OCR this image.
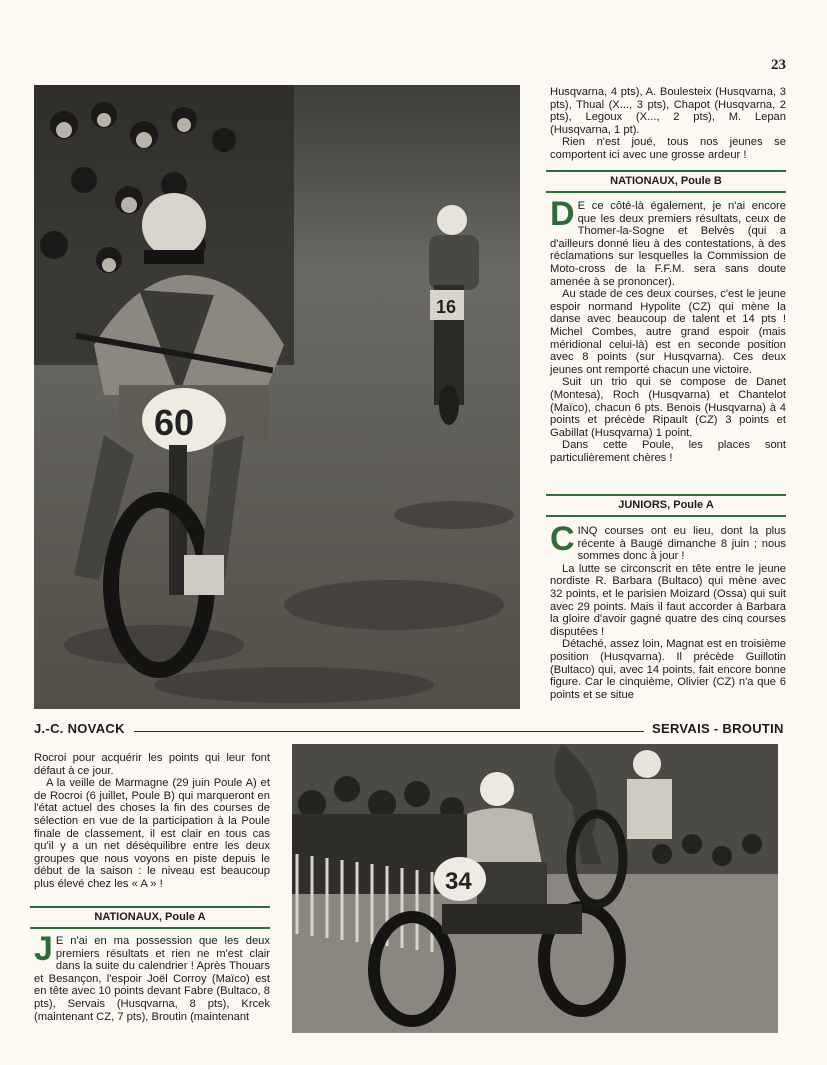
23
16
60

Husqvarna, 4 pts), A. Boulesteix (Husqvarna, 3 pts), Thual (X..., 3 pts), Chapot (Husqvarna, 2 pts), Legoux (X..., 2 pts), M. Lepan (Husqvarna, 1 pt).

Rien n'est joué, tous nos jeunes se comportent ici avec une grosse ardeur !

NATIONAUX, Poule B

D E ce côté-là également, je n'ai encore que les deux premiers résultats, ceux de Thomer-la-Sogne et Belvès (qui a d'ailleurs donné lieu à des contestations, à des réclamations sur lesquelles la Commission de Moto-cross de la F.F.M. sera sans doute amenée à se prononcer).

Au stade de ces deux courses, c'est le jeune espoir normand Hypolite (CZ) qui mène la danse avec beaucoup de talent et 14 pts ! Michel Combes, autre grand espoir (mais méridional celui-là) est en seconde position avec 8 points (sur Husqvarna). Ces deux jeunes ont remporté chacun une victoire.

Suit un trio qui se compose de Danet (Montesa), Roch (Husqvarna) et Chantelot (Maïco), chacun 6 pts. Benois (Husqvarna) à 4 points et précède Ripault (CZ) 3 points et Gabillat (Husqvarna) 1 point.

Dans cette Poule, les places sont particulièrement chères !

JUNIORS, Poule A

CINQ courses ont eu lieu, dont la plus récente à Baugé dimanche 8 juin ; nous sommes donc à jour !

La lutte se circonscrit en tête entre le jeune nordiste R. Barbara (Bultaco) qui mène avec 32 points, et le parisien Moizard (Ossa) qui suit avec 29 points. Mais il faut accorder à Barbara la gloire d'avoir gagné quatre des cinq courses disputées !

Détaché, assez loin, Magnat est en troisième position (Husqvarna). Il précède Guillotin (Bultaco) qui, avec 14 points, fait encore bonne figure. Car le cinquième, Olivier (CZ) n'a que 6 points et se situe

J.-C. NOVACK	SERVAIS - BROUTIN

Rocroi pour acquérir les points qui leur font défaut à ce jour.

A la veille de Marmagne (29 juin Poule A) et de Rocroi (6 juillet, Poule B) qui marqueront en l'état actuel des choses la fin des courses de sélection en vue de la participation à la Poule finale de classement, il est clair en tous cas qu'il y a un net déséquilibre entre les deux groupes que nous voyons en piste depuis le début de la saison : le niveau est beaucoup plus élevé chez les « A » !

NATIONAUX, Poule A

J E n'ai en ma possession que les deux premiers résultats et rien ne m'est clair dans la suite du calendrier ! Après Thouars et Besançon, l'espoir Joël Corroy (Maïco) est en tête avec 10 points devant Fabre (Bultaco, 8 pts), Servais (Husqvarna, 8 pts), Krcek (maintenant CZ, 7 pts), Broutin (maintenant

34
